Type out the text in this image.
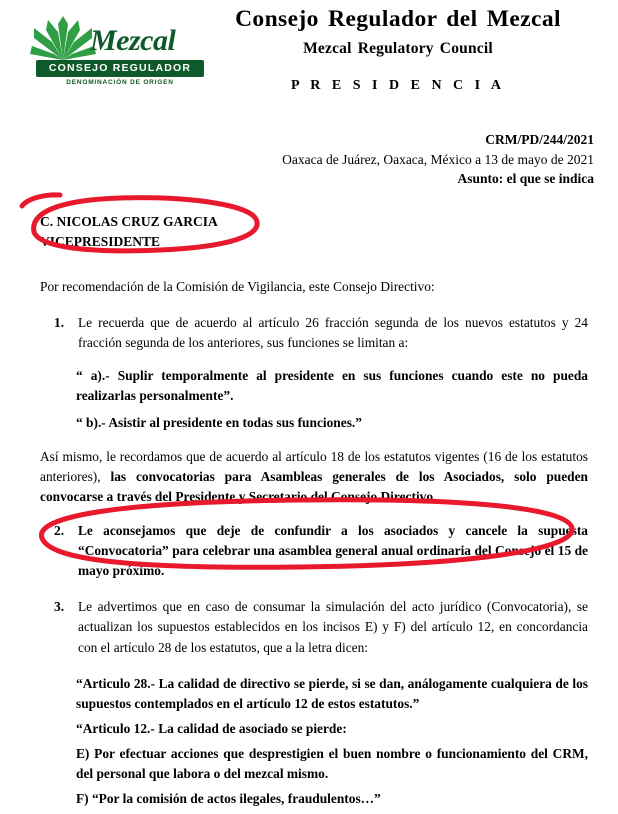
Mezcal
CONSEJO REGULADOR
DENOMINACIÓN DE ORIGEN
Consejo Regulador del Mezcal
Mezcal Regulatory Council
P R E S I D E N C I A
CRM/PD/244/2021
Oaxaca de Juárez, Oaxaca, México a 13 de mayo de 2021
Asunto: el que se indica
C. NICOLAS CRUZ GARCIA
VICEPRESIDENTE

Por recomendación de la Comisión de Vigilancia, este Consejo Directivo:

1. Le recuerda que de acuerdo al artículo 26 fracción segunda de los nuevos estatutos y 24 fracción segunda de los anteriores, sus funciones se limitan a:

“ a).- Suplir temporalmente al presidente en sus funciones cuando este no pueda realizarlas personalmente”.

“ b).- Asistir al presidente en todas sus funciones.”

Así mismo, le recordamos que de acuerdo al artículo 18 de los estatutos vigentes (16 de los estatutos anteriores), las convocatorias para Asambleas generales de los Asociados, solo pueden convocarse a través del Presidente y Secretario del Consejo Directivo.

2. Le aconsejamos que deje de confundir a los asociados y cancele la supuesta “Convocatoria” para celebrar una asamblea general anual ordinaria del Consejo el 15 de mayo próximo.
3. Le advertimos que en caso de consumar la simulación del acto jurídico (Convocatoria), se actualizan los supuestos establecidos en los incisos E) y F) del artículo 12, en concordancia con el artículo 28 de los estatutos, que a la letra dicen:

“Articulo 28.- La calidad de directivo se pierde, si se dan, análogamente cualquiera de los supuestos contemplados en el artículo 12 de estos estatutos.”

“Articulo 12.- La calidad de asociado se pierde:

E) Por efectuar acciones que desprestigien el buen nombre o funcionamiento del CRM, del personal que labora o del mezcal mismo.

F) “Por la comisión de actos ilegales, fraudulentos…”
